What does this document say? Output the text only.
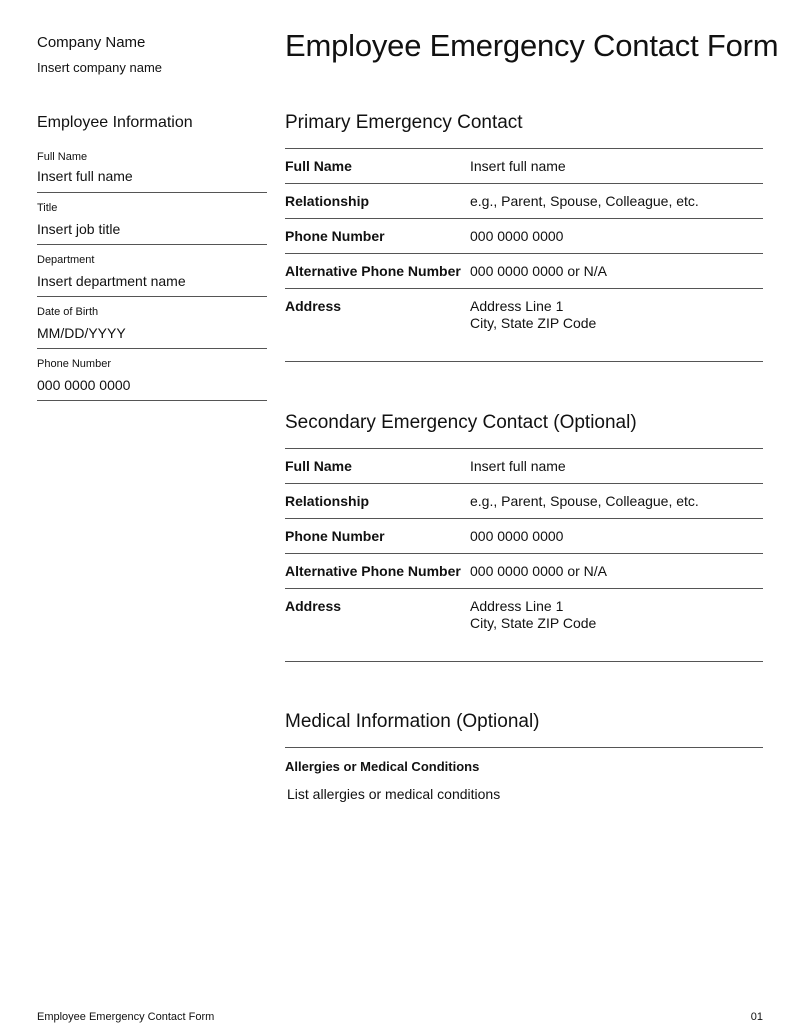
Company Name
Insert company name
Employee Emergency Contact Form
Employee Information
Full Name
Insert full name
Title
Insert job title
Department
Insert department name
Date of Birth
MM/DD/YYYY
Phone Number
000 0000 0000
Primary Emergency Contact
Full Name	Insert full name
Relationship	e.g., Parent, Spouse, Colleague, etc.
Phone Number	000 0000 0000
Alternative Phone Number 000 0000 0000 or N/A
Address	Address Line 1
City, State ZIP Code
Secondary Emergency Contact (Optional)
Full Name	Insert full name
Relationship	e.g., Parent, Spouse, Colleague, etc.
Phone Number	000 0000 0000
Alternative Phone Number 000 0000 0000 or N/A
Address	Address Line 1
City, State ZIP Code
Medical Information (Optional)
Allergies or Medical Conditions
List allergies or medical conditions
Employee Emergency Contact Form	01
